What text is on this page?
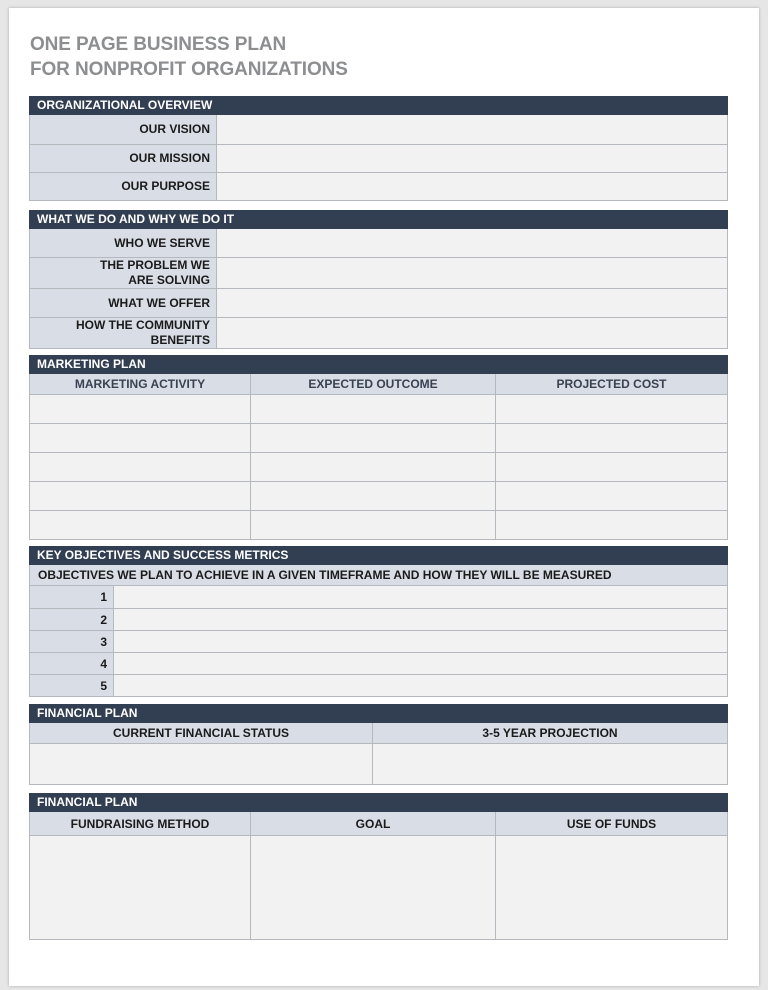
ONE PAGE BUSINESS PLAN
FOR NONPROFIT ORGANIZATIONS
ORGANIZATIONAL OVERVIEW
OUR VISION
OUR MISSION
OUR PURPOSE
WHAT WE DO AND WHY WE DO IT
WHO WE SERVE
THE PROBLEM WE ARE SOLVING
WHAT WE OFFER
HOW THE COMMUNITY BENEFITS
MARKETING PLAN
MARKETING ACTIVITY	EXPECTED OUTCOME	PROJECTED COST
KEY OBJECTIVES AND SUCCESS METRICS
OBJECTIVES WE PLAN TO ACHIEVE IN A GIVEN TIMEFRAME AND HOW THEY WILL BE MEASURED
1
2
3
4
5
FINANCIAL PLAN
CURRENT FINANCIAL STATUS	3-5 YEAR PROJECTION
FINANCIAL PLAN
FUNDRAISING METHOD	GOAL	USE OF FUNDS
